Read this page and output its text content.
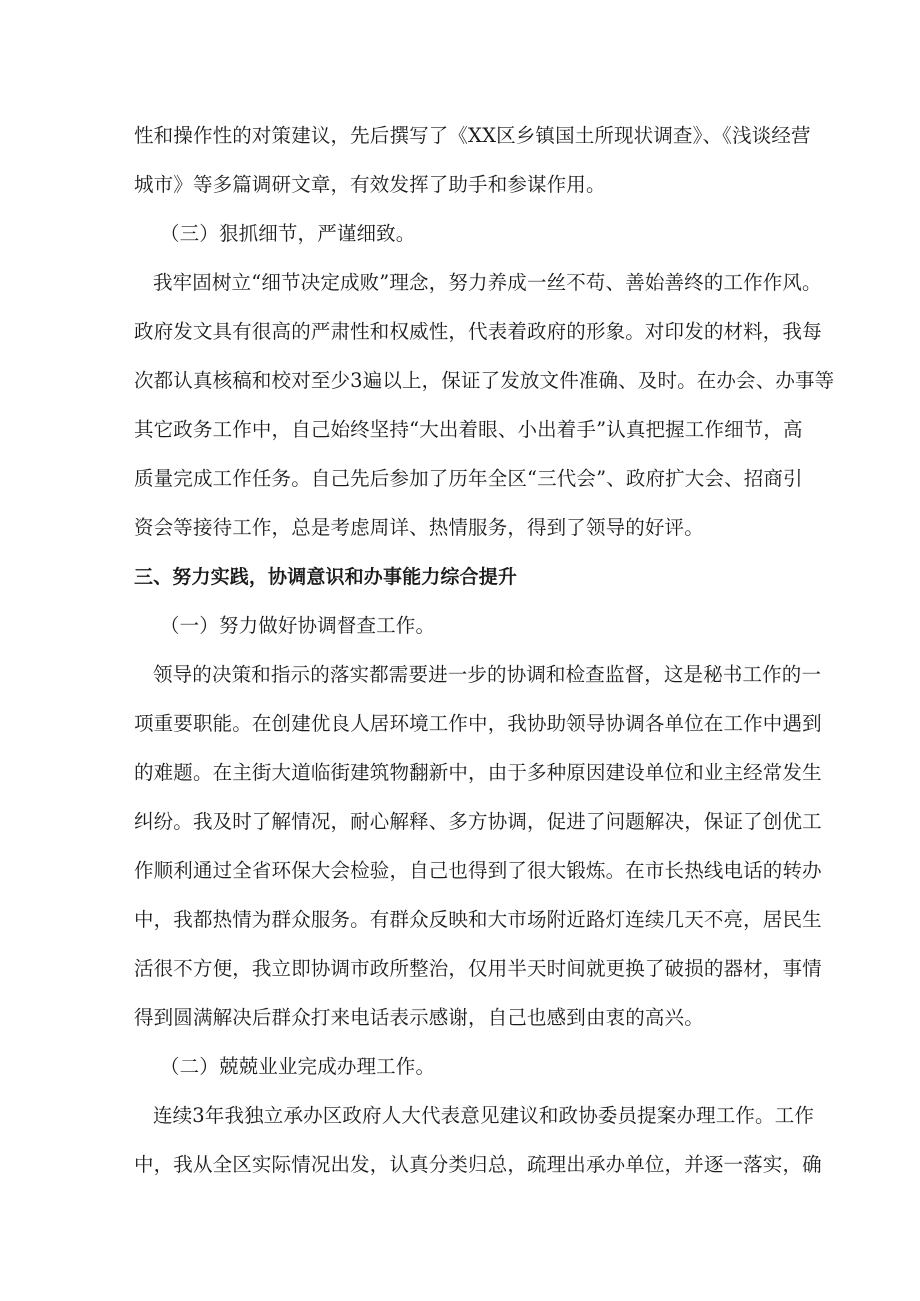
性和操作性的对策建议，先后撰写了《XX区乡镇国土所现状调查》、《浅谈经营
城市》等多篇调研文章，有效发挥了助手和参谋作用。
（三）狠抓细节，严谨细致。
我牢固树立“细节决定成败”理念，努力养成一丝不苟、善始善终的工作作风。
政府发文具有很高的严肃性和权威性，代表着政府的形象。对印发的材料，我每
次都认真核稿和校对至少3遍以上，保证了发放文件准确、及时。在办会、办事等
其它政务工作中，自己始终坚持“大出着眼、小出着手”认真把握工作细节，高
质量完成工作任务。自己先后参加了历年全区“三代会”、政府扩大会、招商引
资会等接待工作，总是考虑周详、热情服务，得到了领导的好评。
三、努力实践，协调意识和办事能力综合提升
（一）努力做好协调督查工作。
领导的决策和指示的落实都需要进一步的协调和检查监督，这是秘书工作的一
项重要职能。在创建优良人居环境工作中，我协助领导协调各单位在工作中遇到
的难题。在主街大道临街建筑物翻新中，由于多种原因建设单位和业主经常发生
纠纷。我及时了解情况，耐心解释、多方协调，促进了问题解决，保证了创优工
作顺利通过全省环保大会检验，自己也得到了很大锻炼。在市长热线电话的转办
中，我都热情为群众服务。有群众反映和大市场附近路灯连续几天不亮，居民生
活很不方便，我立即协调市政所整治，仅用半天时间就更换了破损的器材，事情
得到圆满解决后群众打来电话表示感谢，自己也感到由衷的高兴。
（二）兢兢业业完成办理工作。
连续3年我独立承办区政府人大代表意见建议和政协委员提案办理工作。工作
中，我从全区实际情况出发，认真分类归总，疏理出承办单位，并逐一落实，确
